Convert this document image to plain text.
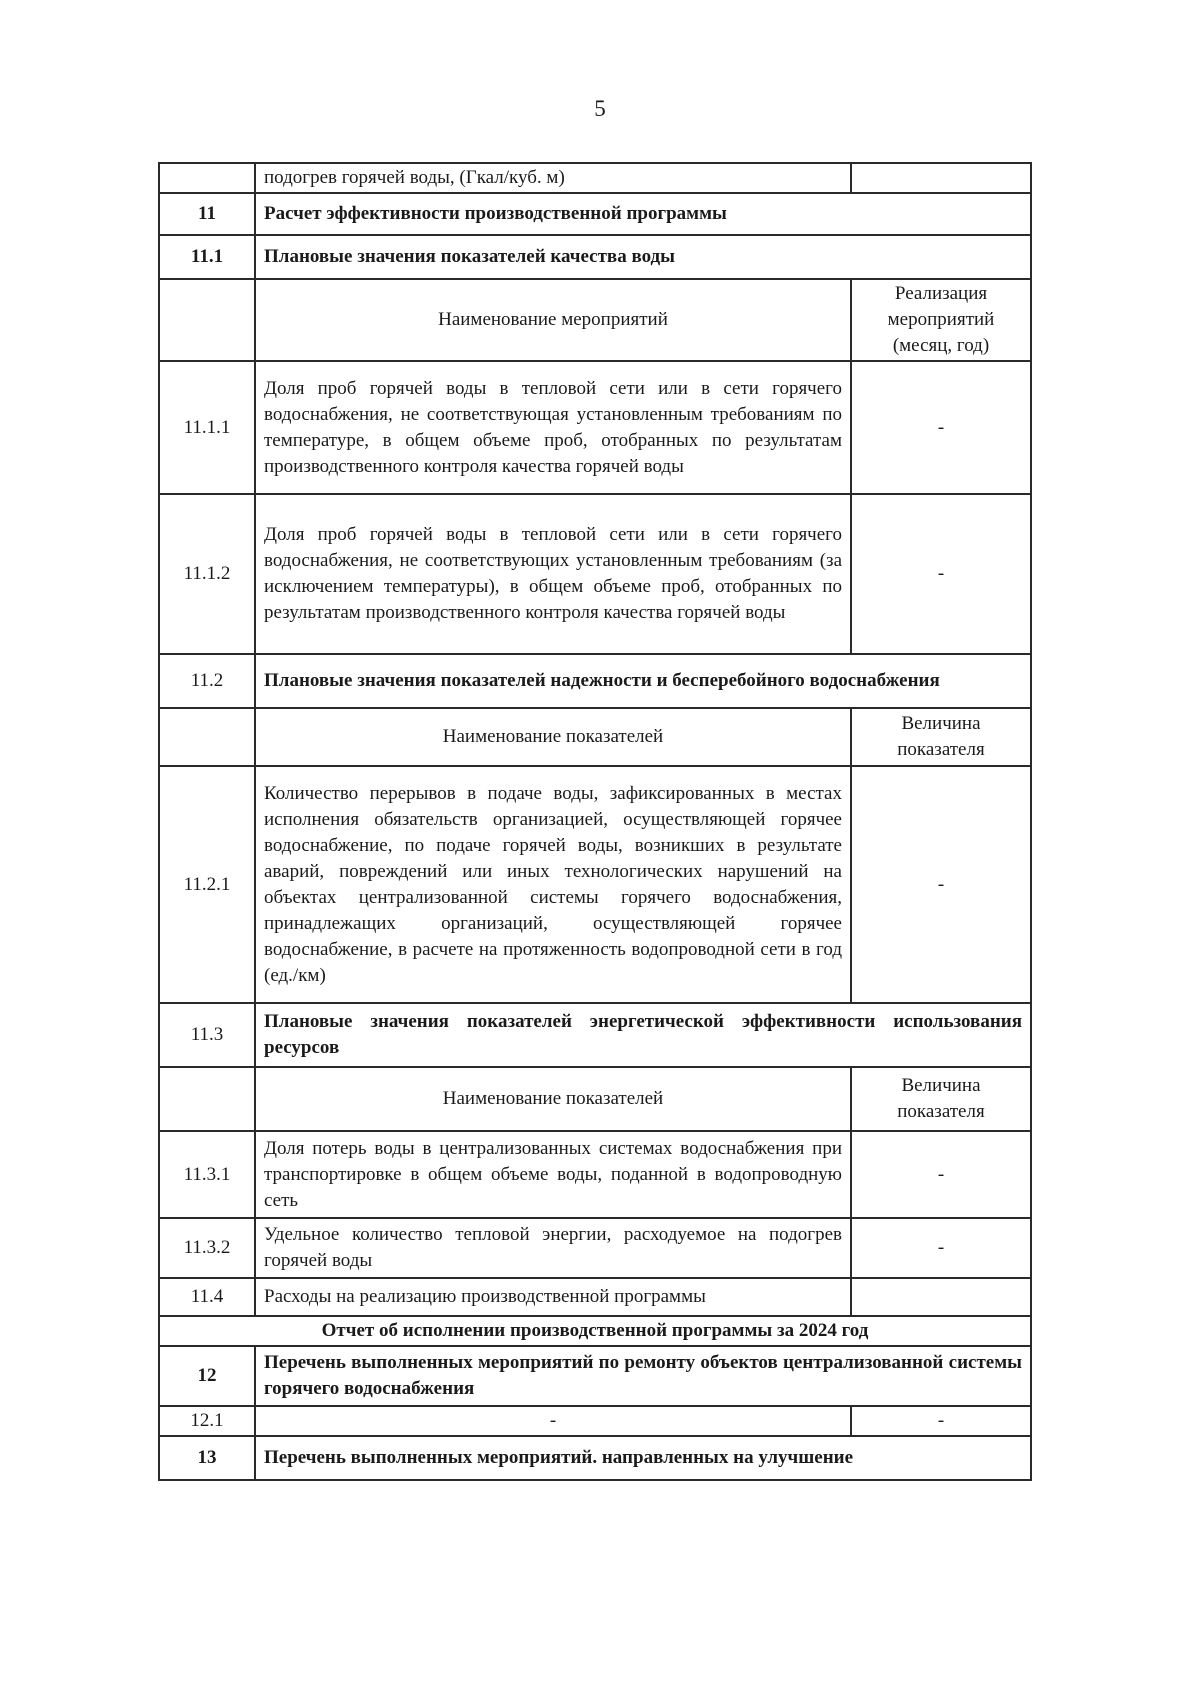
5
	подогрев горячей воды, (Гкал/куб. м)	
11	Расчет эффективности производственной программы	
11.1	Плановые значения показателей качества воды	
	Наименование мероприятий	Реализация мероприятий (месяц, год)
11.1.1	Доля проб горячей воды в тепловой сети или в сети горячего водоснабжения, не соответствующая установленным требованиям по температуре, в общем объеме проб, отобранных по результатам производственного контроля качества горячей воды	-
11.1.2	Доля проб горячей воды в тепловой сети или в сети горячего водоснабжения, не соответствующих установленным требованиям (за исключением температуры), в общем объеме проб, отобранных по результатам производственного контроля качества горячей воды	-
11.2	Плановые значения показателей надежности и бесперебойного водоснабжения	
	Наименование показателей	Величина показателя
11.2.1	Количество перерывов в подаче воды, зафиксированных в местах исполнения обязательств организацией, осуществляющей горячее водоснабжение, по подаче горячей воды, возникших в результате аварий, повреждений или иных технологических нарушений на объектах централизованной системы горячего водоснабжения, принадлежащих организаций, осуществляющей горячее водоснабжение, в расчете на протяженность водопроводной сети в год (ед./км)	-
11.3	Плановые значения показателей энергетической эффективности использования ресурсов	
	Наименование показателей	Величина показателя
11.3.1	Доля потерь воды в централизованных системах водоснабжения при транспортировке в общем объеме воды, поданной в водопроводную сеть	-
11.3.2	Удельное количество тепловой энергии, расходуемое на подогрев горячей воды	-
11.4	Расходы на реализацию производственной программы	
Отчет об исполнении производственной программы за 2024 год		
12	Перечень выполненных мероприятий по ремонту объектов централизованной системы горячего водоснабжения	
12.1	-	-
13	Перечень выполненных мероприятий. направленных на улучшение	
